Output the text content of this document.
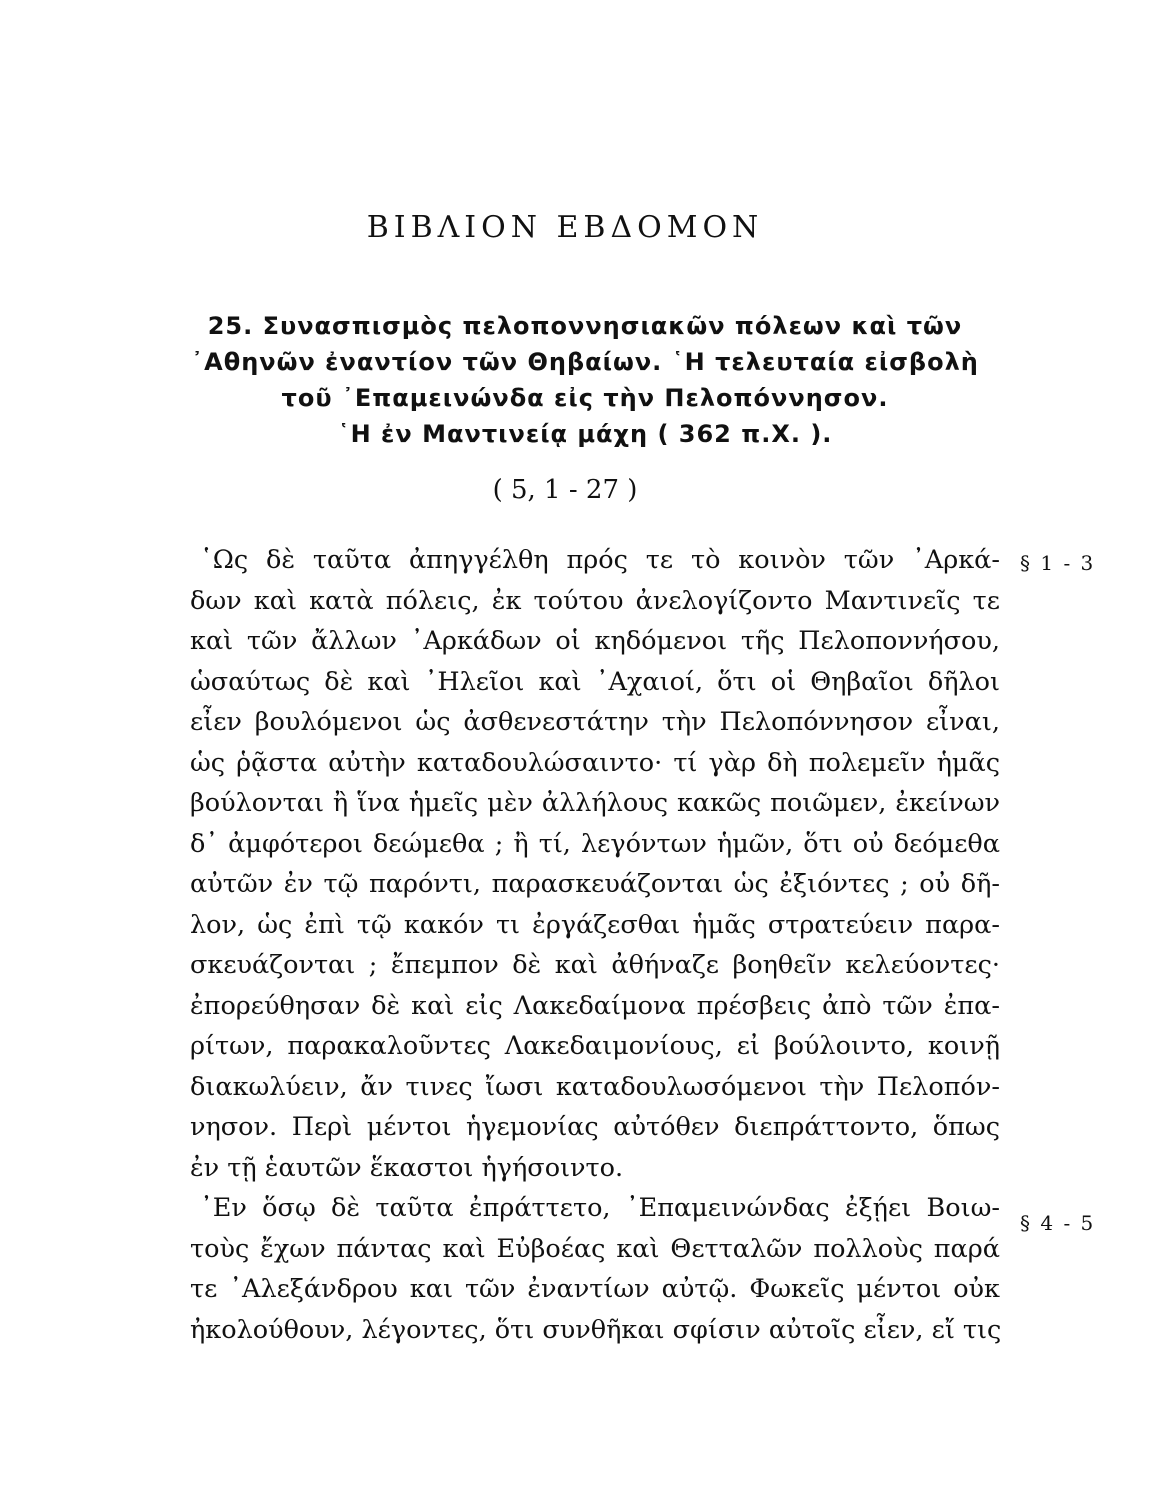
ΒΙΒΛΙΟΝ ΕΒΔΟΜΟΝ
25. Συνασπισμὸς πελοποννησιακῶν πόλεων καὶ τῶν
᾿Αθηνῶν ἐναντίον τῶν Θηβαίων. ῾Η τελευταία εἰσβολὴ
τοῦ ᾿Επαμεινώνδα εἰς τὴν Πελοπόννησον.
῾Η ἐν Μαντινείᾳ μάχη ( 362 π.Χ. ).
( 5, 1 - 27 )
῾Ως δὲ ταῦτα ἀπηγγέλθη πρός τε τὸ κοινὸν τῶν ᾿Αρκά-
δων καὶ κατὰ πόλεις, ἐκ τούτου ἀνελογίζοντο Μαντινεῖς τε
καὶ τῶν ἄλλων ᾿Αρκάδων οἱ κηδόμενοι τῆς Πελοποννήσου,
ὡσαύτως δὲ καὶ ᾿Ηλεῖοι καὶ ᾿Αχαιοί, ὅτι οἱ Θηβαῖοι δῆλοι
εἶεν βουλόμενοι ὡς ἀσθενεστάτην τὴν Πελοπόννησον εἶναι,
ὡς ῥᾷστα αὐτὴν καταδουλώσαιντο· τί γὰρ δὴ πολεμεῖν ἡμᾶς
βούλονται ἢ ἵνα ἡμεῖς μὲν ἀλλήλους κακῶς ποιῶμεν, ἐκείνων
δ᾿ ἀμφότεροι δεώμεθα ; ἢ τί, λεγόντων ἡμῶν, ὅτι οὐ δεόμεθα
αὐτῶν ἐν τῷ παρόντι, παρασκευάζονται ὡς ἐξιόντες ; οὐ δῆ-
λον, ὡς ἐπὶ τῷ κακόν τι ἐργάζεσθαι ἡμᾶς στρατεύειν παρα-
σκευάζονται ; ἔπεμπον δὲ καὶ ἀθήναζε βοηθεῖν κελεύοντες·
ἐπορεύθησαν δὲ καὶ εἰς Λακεδαίμονα πρέσβεις ἀπὸ τῶν ἐπα-
ρίτων, παρακαλοῦντες Λακεδαιμονίους, εἰ βούλοιντο, κοινῇ
διακωλύειν, ἄν τινες ἴωσι καταδουλωσόμενοι τὴν Πελοπόν-
νησον. Περὶ μέντοι ἡγεμονίας αὐτόθεν διεπράττοντο, ὅπως
ἐν τῇ ἑαυτῶν ἕκαστοι ἡγήσοιντο.
᾿Εν ὅσῳ δὲ ταῦτα ἐπράττετο, ᾿Επαμεινώνδας ἐξῄει Βοιω-
τοὺς ἔχων πάντας καὶ Εὐβοέας καὶ Θετταλῶν πολλοὺς παρά
τε ᾿Αλεξάνδρου και τῶν ἐναντίων αὐτῷ. Φωκεῖς μέντοι οὐκ
ἠκολούθουν, λέγοντες, ὅτι συνθῆκαι σφίσιν αὐτοῖς εἶεν, εἴ τις
§ 1 - 3
§ 4 - 5
